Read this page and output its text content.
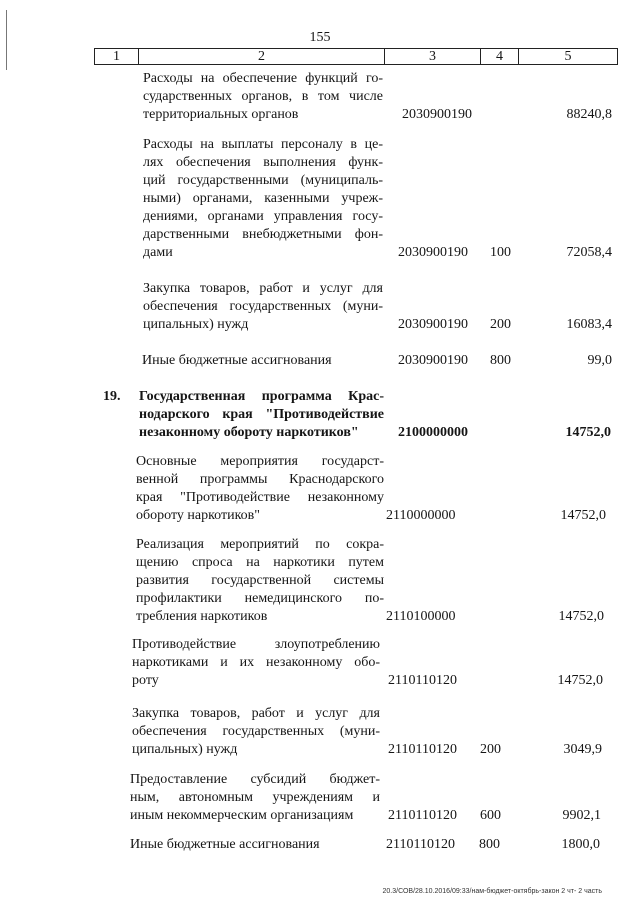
155
1	2	3	4	5
Расходы на обеспечение функций го-
сударственных органов, в том числе
территориальных органов	2030900190	88240,8
Расходы на выплаты персоналу в це-
лях обеспечения выполнения функ-
ций государственными (муниципаль-
ными) органами, казенными учреж-
дениями, органами управления госу-
дарственными внебюджетными фон-
дами	2030900190 100	72058,4
Закупка товаров, работ и услуг для
обеспечения государственных (муни-
ципальных) нужд	2030900190 200	16083,4
Иные бюджетные ассигнования	2030900190 800	99,0
19. Государственная программа Крас-
нодарского края "Противодействие
незаконному обороту наркотиков"	2100000000	14752,0
Основные мероприятия государст-
венной программы Краснодарского
края "Противодействие незаконному
обороту наркотиков"	2110000000	14752,0
Реализация мероприятий по сокра-
щению спроса на наркотики путем
развития государственной системы
профилактики немедицинского по-
требления наркотиков	2110100000	14752,0
Противодействие злоупотреблению
наркотиками и их незаконному обо-
роту	2110110120	14752,0
Закупка товаров, работ и услуг для
обеспечения государственных (муни-
ципальных) нужд	2110110120 200	3049,9
Предоставление субсидий бюджет-
ным, автономным учреждениям и
иным некоммерческим организациям	2110110120 600	9902,1
Иные бюджетные ассигнования	2110110120 800	1800,0
20.3/СОВ/28.10.2016/09:33/нам-бюджет-октябрь-закон 2 чт- 2 часть
